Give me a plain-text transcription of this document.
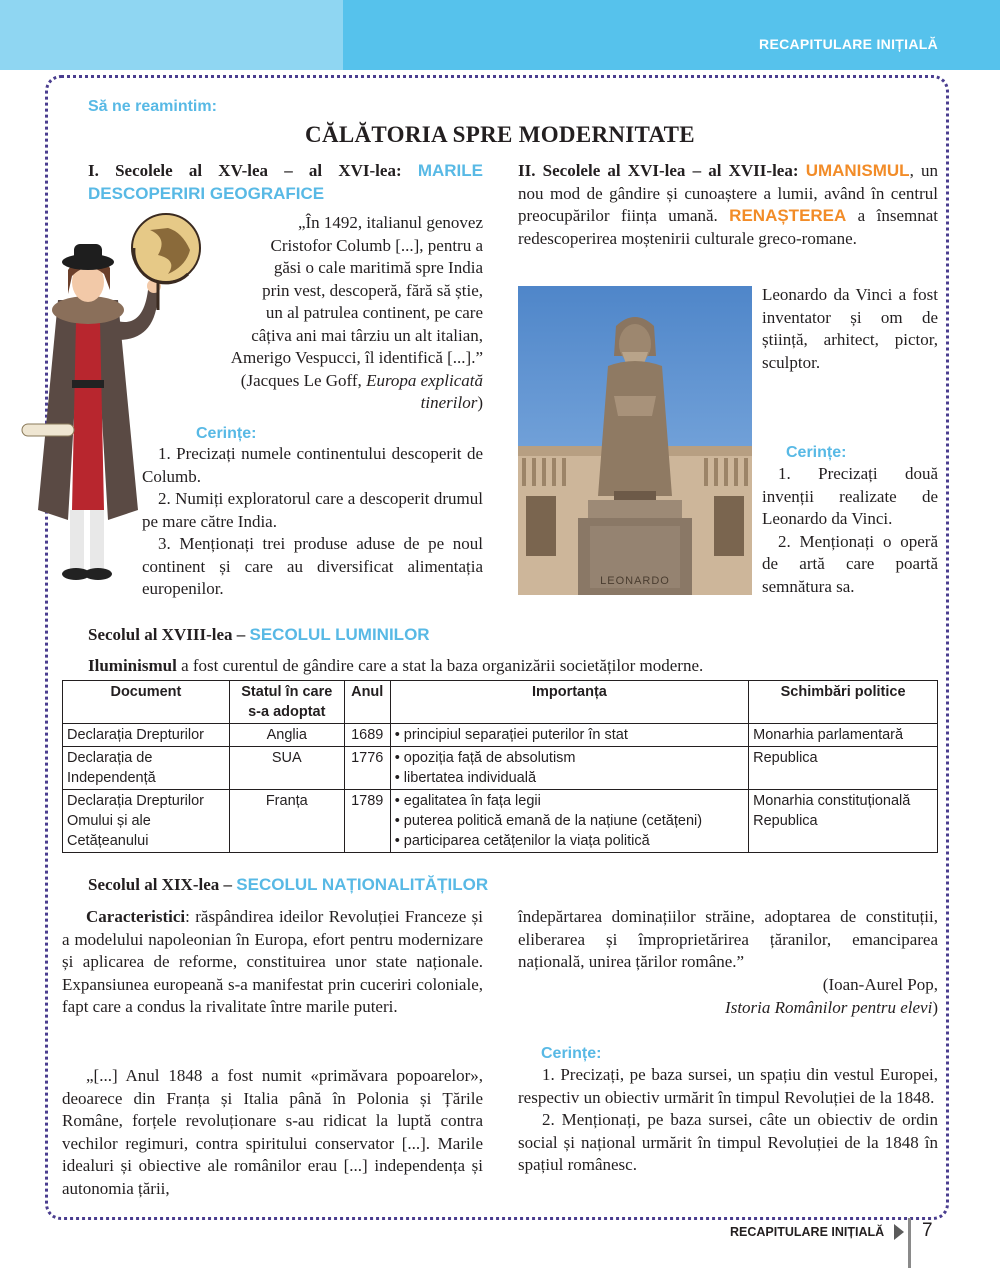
RECAPITULARE INIȚIALĂ
Să ne reamintim:
CĂLĂTORIA SPRE MODERNITATE
I. Secolele al XV-lea – al XVI-lea: MARILE DESCOPERIRI GEOGRAFICE
„În 1492, italianul genovez
Cristofor Columb [...], pentru a
găsi o cale maritimă spre India
prin vest, descoperă, fără să știe,
un al patrulea continent, pe care
câțiva ani mai târziu un alt italian,
Amerigo Vespucci, îl identifică [...].”
(Jacques Le Goff, Europa explicată tinerilor)
Cerințe:
1. Precizați numele continentului descoperit de Columb.
2. Numiți exploratorul care a descoperit drumul pe mare către India.
3. Menționați trei produse aduse de pe noul continent și care au diversificat alimentația europenilor.
II. Secolele al XVI-lea – al XVII-lea: UMANISMUL, un nou mod de gândire și cunoaștere a lumii, având în centrul preocupărilor ființa umană. RENAȘTEREA a însemnat redescoperirea moștenirii culturale greco-romane.
LEONARDO
Leonardo da Vinci a fost inventator și om de știință, arhitect, pictor, sculptor.
Cerințe:
1. Precizați două invenții realizate de Leonardo da Vinci.
2. Menționați o operă de artă care poartă semnătura sa.
Secolul al XVIII-lea – SECOLUL LUMINILOR
Iluminismul a fost curentul de gândire care a stat la baza organizării societăților moderne.
Document	Statul în care s-a adoptat	Anul	Importanța	Schimbări politice
Declarația Drepturilor	Anglia	1689	• principiul separației puterilor în stat	Monarhia parlamentară
Declarația de Independență	SUA	1776	• opoziția față de absolutism
• libertatea individuală	Republica
Declarația Drepturilor Omului și ale Cetățeanului	Franța	1789	• egalitatea în fața legii
• puterea politică emană de la națiune (cetățeni)
• participarea cetățenilor la viața politică	Monarhia constituțională Republica
Secolul al XIX-lea – SECOLUL NAȚIONALITĂȚILOR
Caracteristici: răspândirea ideilor Revoluției Franceze și a modelului napoleonian în Europa, efort pentru modernizare și aplicarea de reforme, constituirea unor state naționale. Expansiunea europeană s-a manifestat prin cuceriri coloniale, fapt care a condus la rivalitate între marile puteri.
„[...] Anul 1848 a fost numit «primăvara popoarelor», deoarece din Franța și Italia până în Polonia și Țările Române, forțele revoluționare s-au ridicat la luptă contra vechilor regimuri, contra spiritului conservator [...]. Marile idealuri și obiective ale românilor erau [...] independența și autonomia țării,
îndepărtarea dominațiilor străine, adoptarea de constituții, eliberarea și împroprietărirea țăranilor, emanciparea națională, unirea țărilor române.”
(Ioan-Aurel Pop,
Istoria Românilor pentru elevi)
Cerințe:
1. Precizați, pe baza sursei, un spațiu din vestul Europei, respectiv un obiectiv urmărit în timpul Revoluției de la 1848.
2. Menționați, pe baza sursei, câte un obiectiv de ordin social și național urmărit în timpul Revoluției de la 1848 în spațiul românesc.
RECAPITULARE INIȚIALĂ 7
